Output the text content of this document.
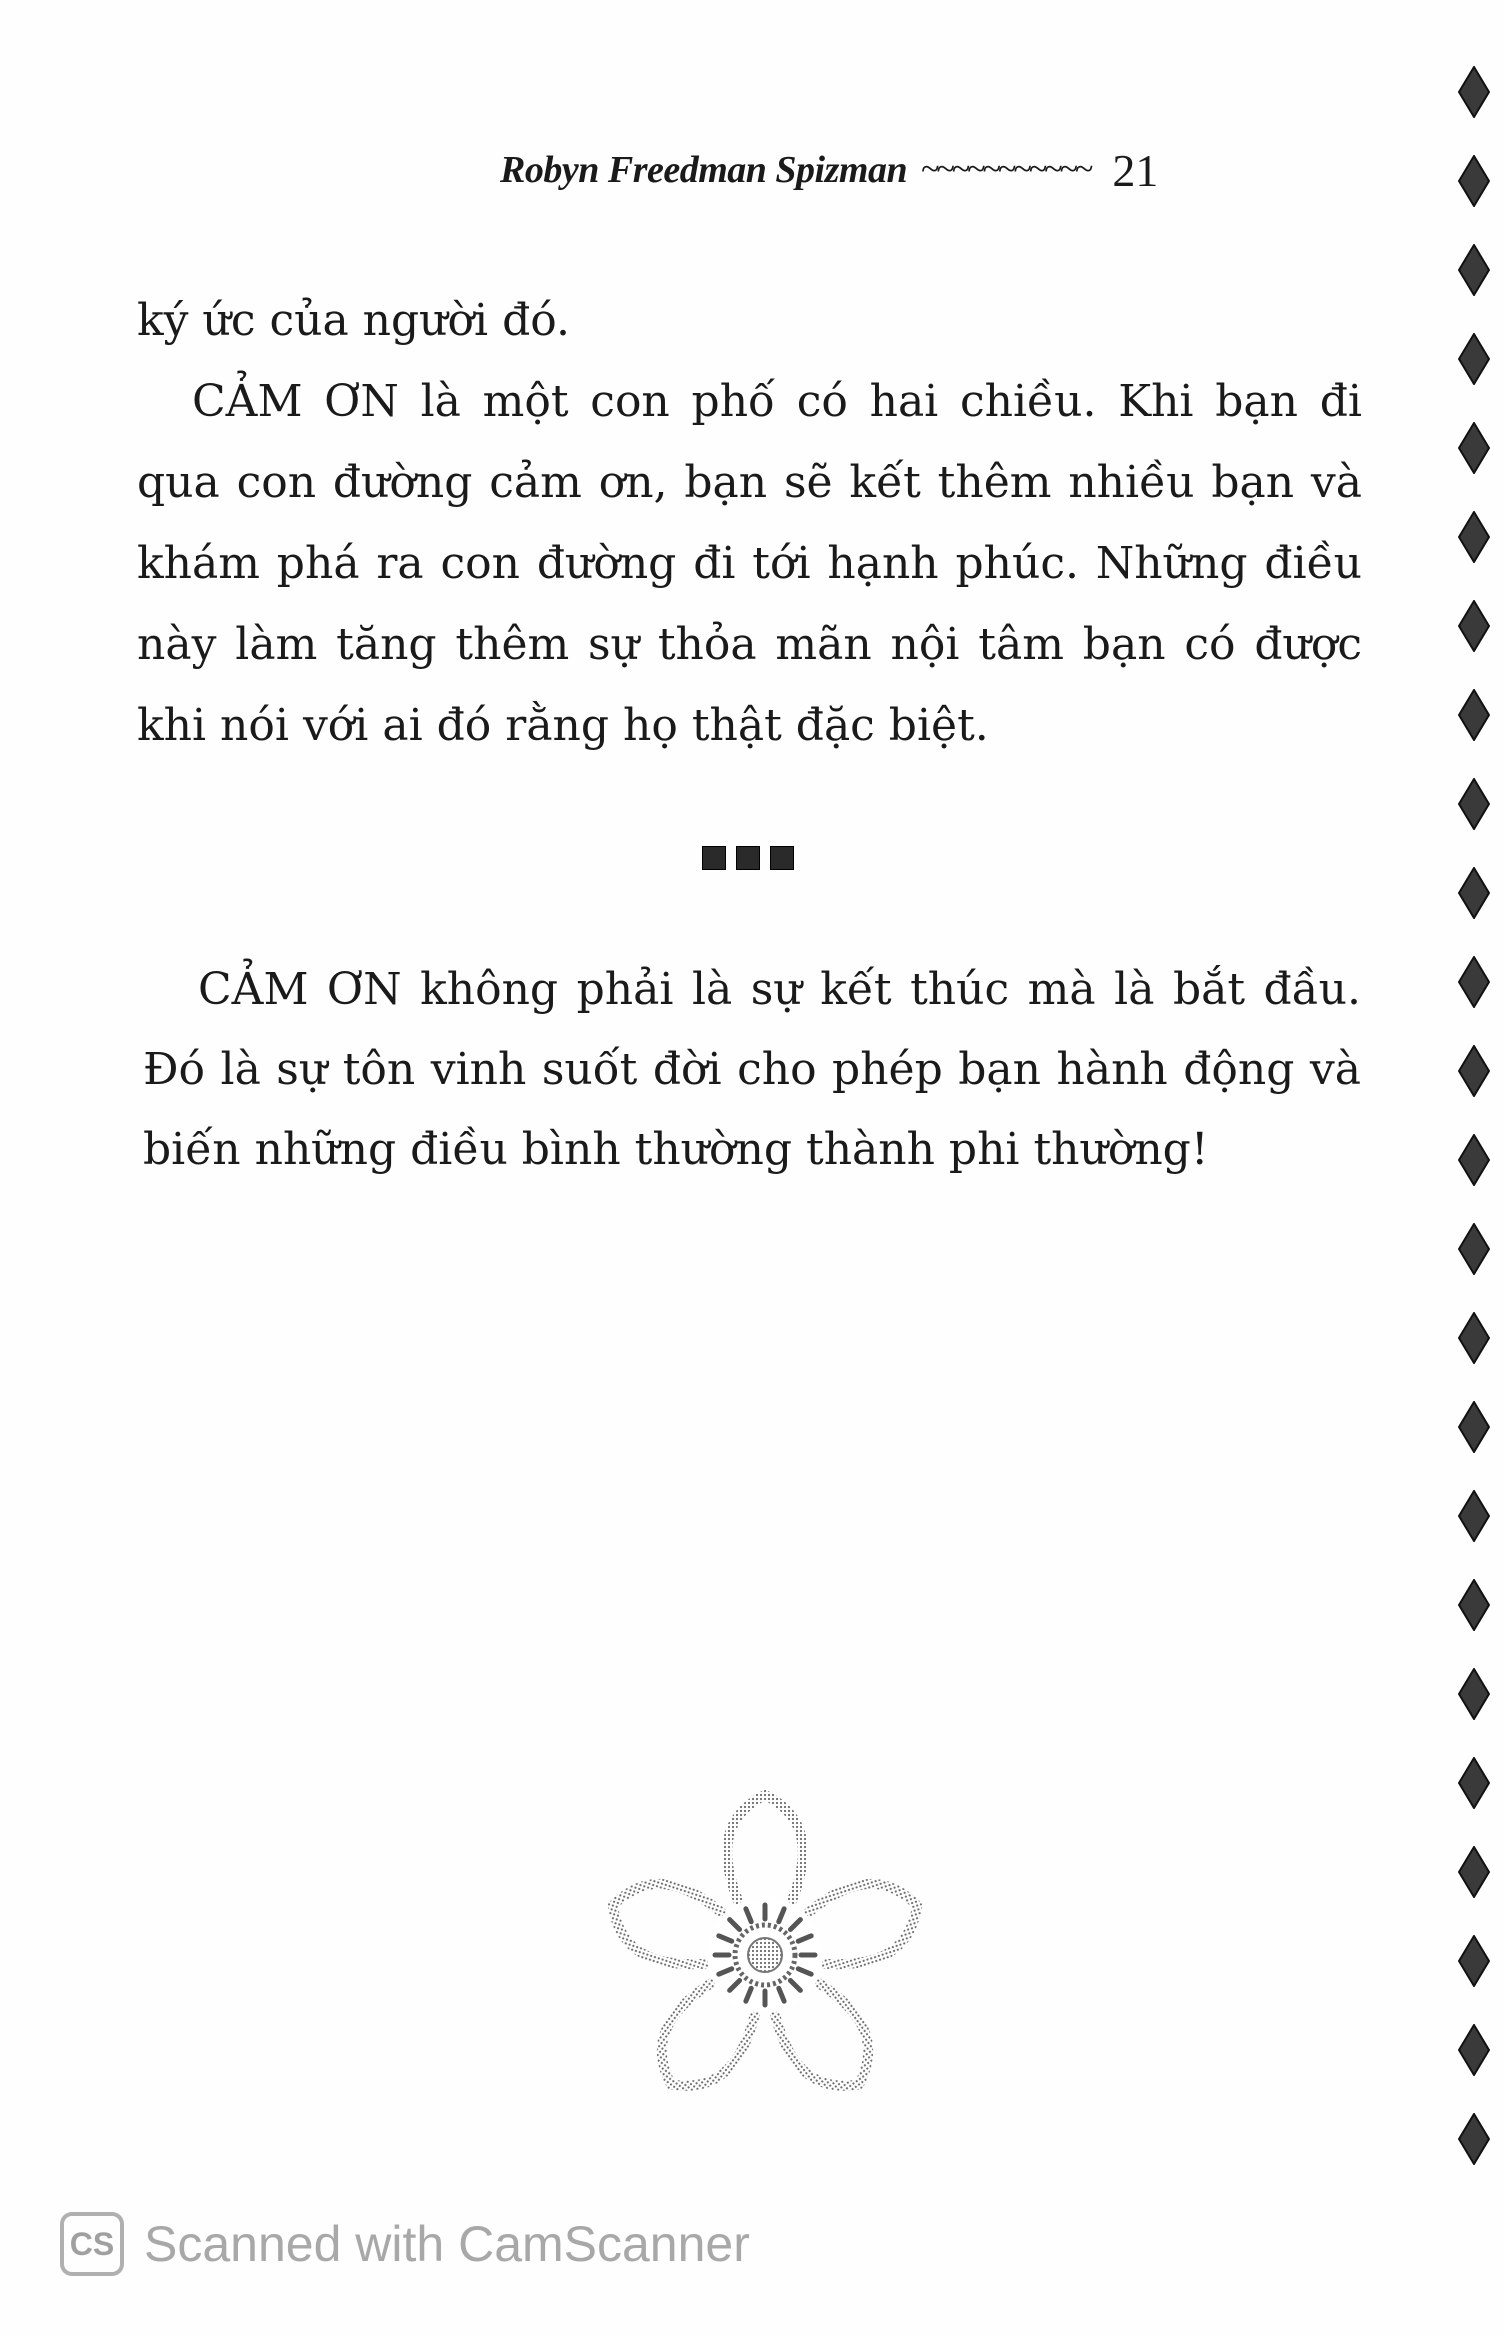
Robyn Freedman Spizman ~~~~~~~~~~~ 21
ký ức của người đó.
CẢM ƠN là một con phố có hai chiều. Khi bạn đi qua con đường cảm ơn, bạn sẽ kết thêm nhiều bạn và khám phá ra con đường đi tới hạnh phúc. Những điều này làm tăng thêm sự thỏa mãn nội tâm bạn có được khi nói với ai đó rằng họ thật đặc biệt.
CẢM ƠN không phải là sự kết thúc mà là bắt đầu. Đó là sự tôn vinh suốt đời cho phép bạn hành động và biến những điều bình thường thành phi thường!
CS Scanned with CamScanner
